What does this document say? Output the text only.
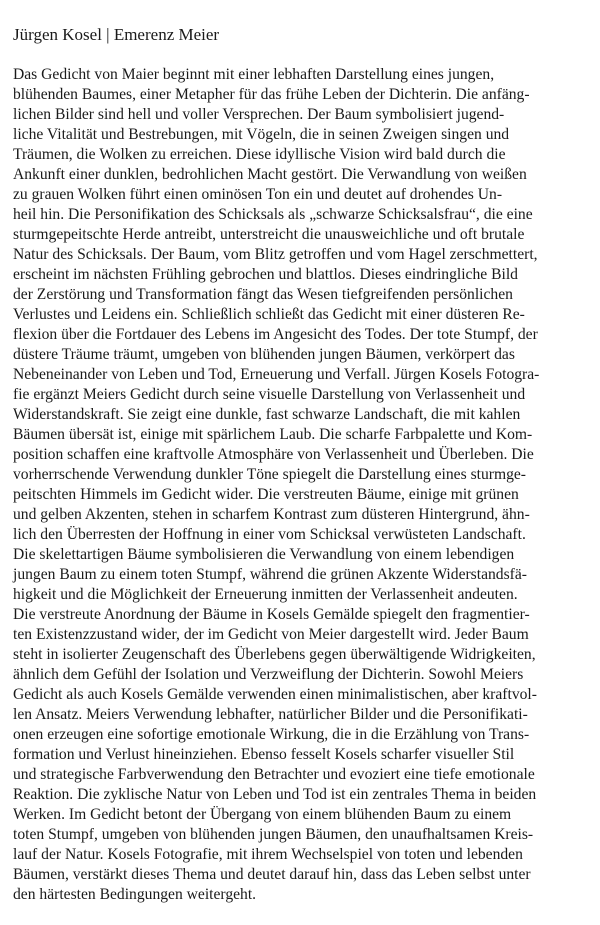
Jürgen Kosel | Emerenz Meier
Das Gedicht von Maier beginnt mit einer lebhaften Darstellung eines jungen,
blühenden Baumes, einer Metapher für das frühe Leben der Dichterin. Die anfäng-
lichen Bilder sind hell und voller Versprechen. Der Baum symbolisiert jugend-
liche Vitalität und Bestrebungen, mit Vögeln, die in seinen Zweigen singen und
Träumen, die Wolken zu erreichen. Diese idyllische Vision wird bald durch die
Ankunft einer dunklen, bedrohlichen Macht gestört. Die Verwandlung von weißen
zu grauen Wolken führt einen ominösen Ton ein und deutet auf drohendes Un-
heil hin. Die Personifikation des Schicksals als „schwarze Schicksalsfrau“, die eine
sturmgepeitschte Herde antreibt, unterstreicht die unausweichliche und oft brutale
Natur des Schicksals. Der Baum, vom Blitz getroffen und vom Hagel zerschmettert,
erscheint im nächsten Frühling gebrochen und blattlos. Dieses eindringliche Bild
der Zerstörung und Transformation fängt das Wesen tiefgreifenden persönlichen
Verlustes und Leidens ein. Schließlich schließt das Gedicht mit einer düsteren Re-
flexion über die Fortdauer des Lebens im Angesicht des Todes. Der tote Stumpf, der
düstere Träume träumt, umgeben von blühenden jungen Bäumen, verkörpert das
Nebeneinander von Leben und Tod, Erneuerung und Verfall. Jürgen Kosels Fotogra-
fie ergänzt Meiers Gedicht durch seine visuelle Darstellung von Verlassenheit und
Widerstandskraft. Sie zeigt eine dunkle, fast schwarze Landschaft, die mit kahlen
Bäumen übersät ist, einige mit spärlichem Laub. Die scharfe Farbpalette und Kom-
position schaffen eine kraftvolle Atmosphäre von Verlassenheit und Überleben. Die
vorherrschende Verwendung dunkler Töne spiegelt die Darstellung eines sturmge-
peitschten Himmels im Gedicht wider. Die verstreuten Bäume, einige mit grünen
und gelben Akzenten, stehen in scharfem Kontrast zum düsteren Hintergrund, ähn-
lich den Überresten der Hoffnung in einer vom Schicksal verwüsteten Landschaft.
Die skelettartigen Bäume symbolisieren die Verwandlung von einem lebendigen
jungen Baum zu einem toten Stumpf, während die grünen Akzente Widerstandsfä-
higkeit und die Möglichkeit der Erneuerung inmitten der Verlassenheit andeuten.
Die verstreute Anordnung der Bäume in Kosels Gemälde spiegelt den fragmentier-
ten Existenzzustand wider, der im Gedicht von Meier dargestellt wird. Jeder Baum
steht in isolierter Zeugenschaft des Überlebens gegen überwältigende Widrigkeiten,
ähnlich dem Gefühl der Isolation und Verzweiflung der Dichterin. Sowohl Meiers
Gedicht als auch Kosels Gemälde verwenden einen minimalistischen, aber kraftvol-
len Ansatz. Meiers Verwendung lebhafter, natürlicher Bilder und die Personifikati-
onen erzeugen eine sofortige emotionale Wirkung, die in die Erzählung von Trans-
formation und Verlust hineinziehen. Ebenso fesselt Kosels scharfer visueller Stil
und strategische Farbverwendung den Betrachter und evoziert eine tiefe emotionale
Reaktion. Die zyklische Natur von Leben und Tod ist ein zentrales Thema in beiden
Werken. Im Gedicht betont der Übergang von einem blühenden Baum zu einem
toten Stumpf, umgeben von blühenden jungen Bäumen, den unaufhaltsamen Kreis-
lauf der Natur. Kosels Fotografie, mit ihrem Wechselspiel von toten und lebenden
Bäumen, verstärkt dieses Thema und deutet darauf hin, dass das Leben selbst unter
den härtesten Bedingungen weitergeht.
